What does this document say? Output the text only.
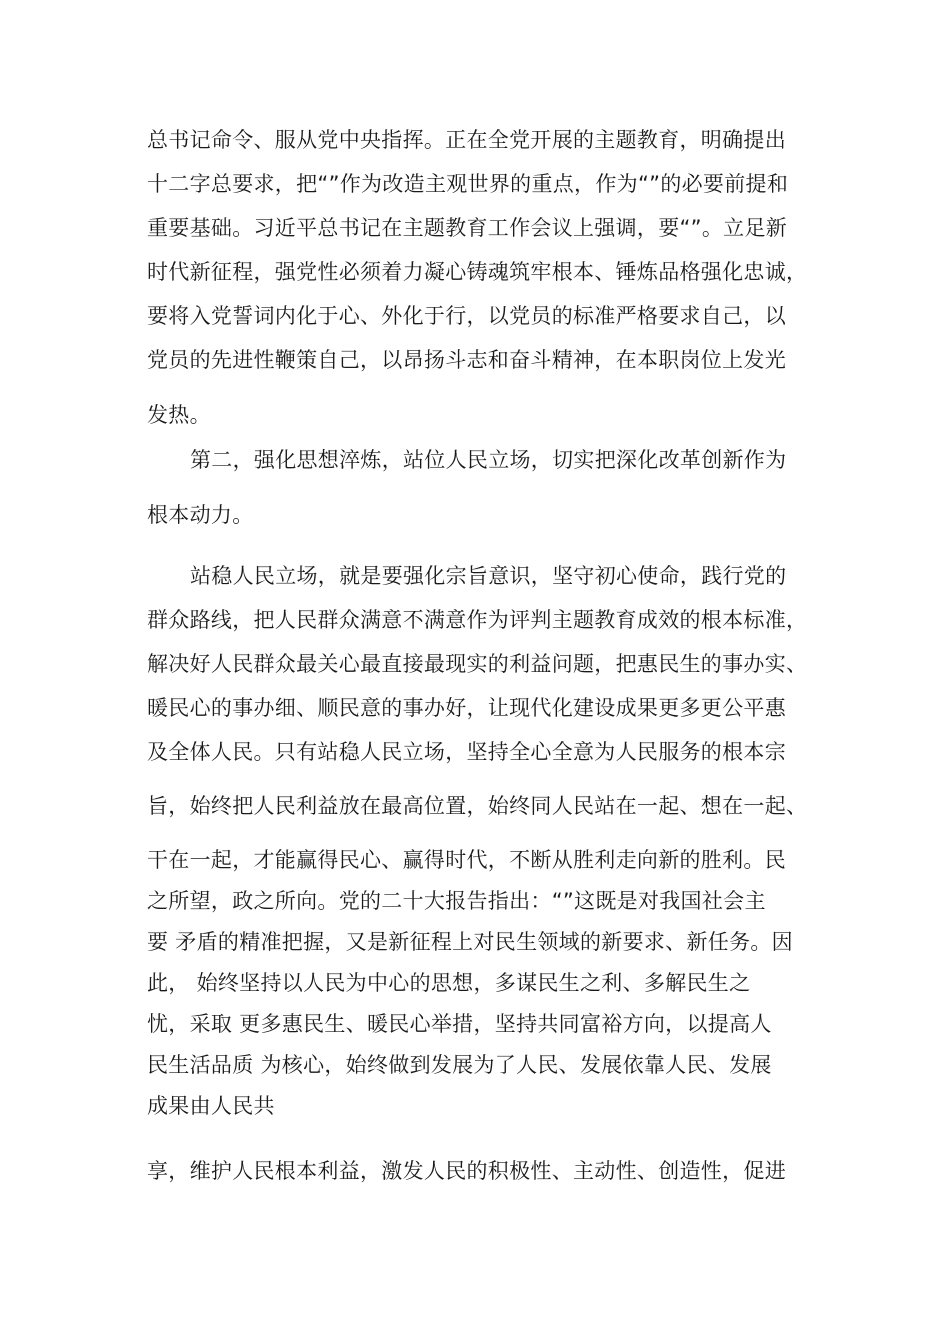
总书记命令、服从党中央指挥。正在全党开展的主题教育，明确提出
十二字总要求，把“”作为改造主观世界的重点，作为“”的必要前提和
重要基础。习近平总书记在主题教育工作会议上强调，要“”。立足新
时代新征程，强党性必须着力凝心铸魂筑牢根本、锤炼品格强化忠诚，
要将入党誓词内化于心、外化于行，以党员的标准严格要求自己，以
党员的先进性鞭策自己，以昂扬斗志和奋斗精神，在本职岗位上发光
发热。
第二，强化思想淬炼，站位人民立场，切实把深化改革创新作为
根本动力。
站稳人民立场，就是要强化宗旨意识，坚守初心使命，践行党的
群众路线，把人民群众满意不满意作为评判主题教育成效的根本标准，
解决好人民群众最关心最直接最现实的利益问题，把惠民生的事办实、
暖民心的事办细、顺民意的事办好，让现代化建设成果更多更公平惠
及全体人民。只有站稳人民立场，坚持全心全意为人民服务的根本宗
旨，始终把人民利益放在最高位置，始终同人民站在一起、想在一起、
干在一起，才能赢得民心、赢得时代，不断从胜利走向新的胜利。民
之所望，政之所向。党的二十大报告指出：“”这既是对我国社会主
要 矛盾的精准把握，又是新征程上对民生领域的新要求、新任务。因
此， 始终坚持以人民为中心的思想，多谋民生之利、多解民生之
忧，采取 更多惠民生、暖民心举措，坚持共同富裕方向，以提高人
民生活品质 为核心，始终做到发展为了人民、发展依靠人民、发展
成果由人民共
享，维护人民根本利益，激发人民的积极性、主动性、创造性，促进
